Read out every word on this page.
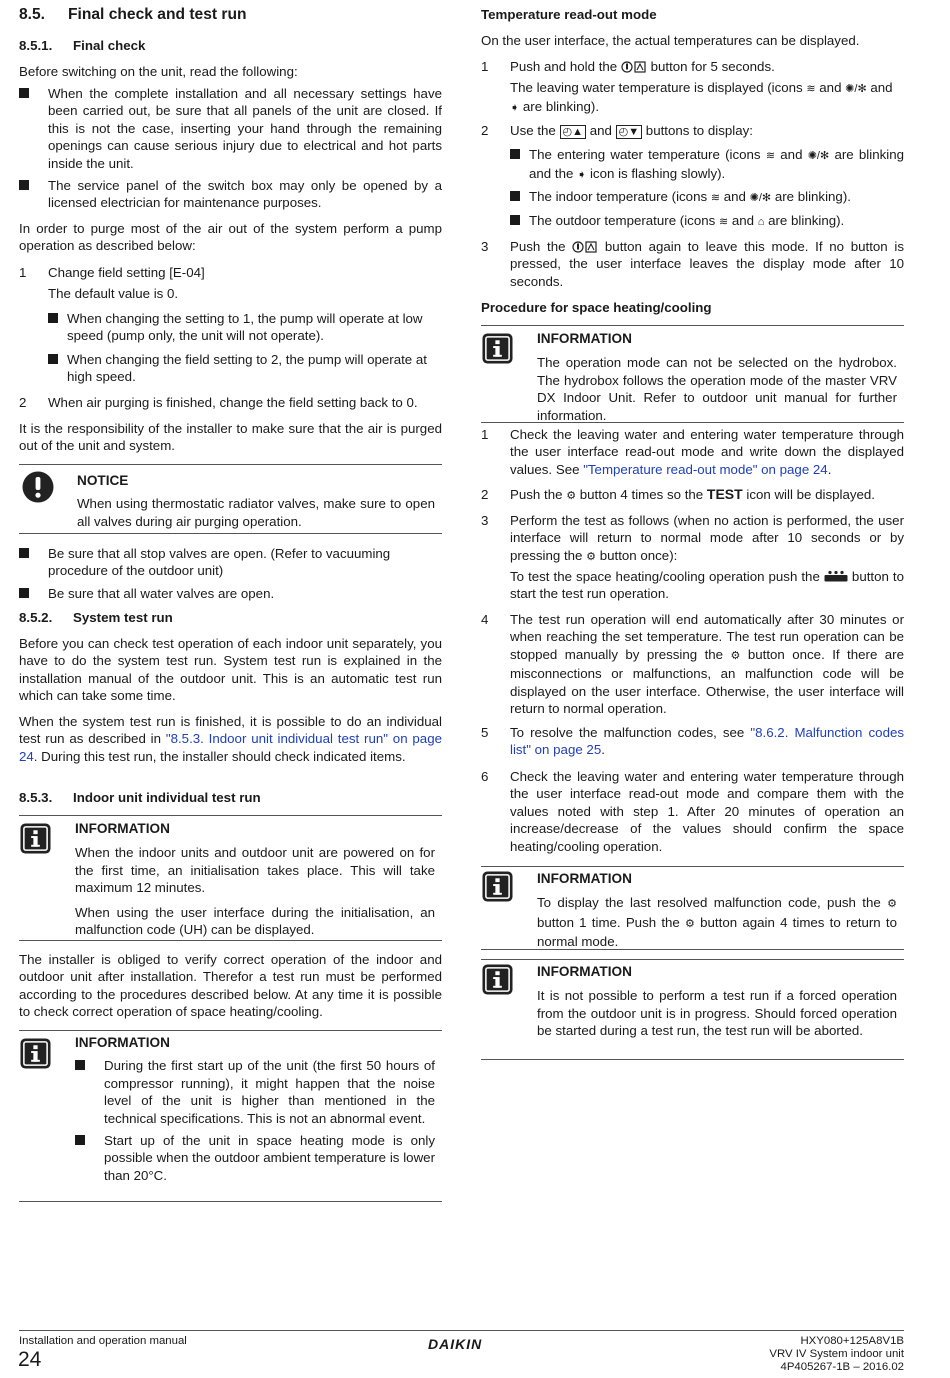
8.5.	Final check and test run
8.5.1.	Final check

Before switching on the unit, read the following:

When the complete installation and all necessary settings have been carried out, be sure that all panels of the unit are closed. If this is not the case, inserting your hand through the remaining openings can cause serious injury due to electrical and hot parts inside the unit.
The service panel of the switch box may only be opened by a licensed electrician for maintenance purposes.

In order to purge most of the air out of the system perform a pump operation as described below:

1	Change field setting [E-04]

The default value is 0.

When changing the setting to 1, the pump will operate at low speed (pump only, the unit will not operate).
When changing the field setting to 2, the pump will operate at high speed.
2	When air purging is finished, change the field setting back to 0.

It is the responsibility of the installer to make sure that the air is purged out of the unit and system.

NOTICE

When using thermostatic radiator valves, make sure to open all valves during air purging operation.

Be sure that all stop valves are open. (Refer to vacuuming procedure of the outdoor unit)
Be sure that all water valves are open.
8.5.2.	System test run

Before you can check test operation of each indoor unit separately, you have to do the system test run. System test run is explained in the installation manual of the outdoor unit. This is an automatic test run which can take some time.

When the system test run is finished, it is possible to do an individual test run as described in "8.5.3. Indoor unit individual test run" on page 24. During this test run, the installer should check indicated items.

8.5.3.	Indoor unit individual test run
INFORMATION

When the indoor units and outdoor unit are powered on for the first time, an initialisation takes place. This will take maximum 12 minutes.

When using the user interface during the initialisation, an malfunction code (UH) can be displayed.

The installer is obliged to verify correct operation of the indoor and outdoor unit after installation. Therefor a test run must be performed according to the procedures described below. At any time it is possible to check correct operation of space heating/cooling.

INFORMATION
During the first start up of the unit (the first 50 hours of compressor running), it might happen that the noise level of the unit is higher than mentioned in the technical specifications. This is not an abnormal event.
Start up of the unit in space heating mode is only possible when the outdoor ambient temperature is lower than 20°C.
Temperature read-out mode

On the user interface, the actual temperatures can be displayed.

1	Push and hold the  button for 5 seconds.

The leaving water temperature is displayed (icons ≋ and ✺/✻ and ➧ are blinking).

2	Use the ◴▲ and ◴▼ buttons to display:
The entering water temperature (icons ≋ and ✺/✻ are blinking and the ➧ icon is flashing slowly).
The indoor temperature (icons ≋ and ✺/✻ are blinking).
The outdoor temperature (icons ≋ and ⌂ are blinking).
3	Push the  button again to leave this mode. If no button is pressed, the user interface leaves the display mode after 10 seconds.
Procedure for space heating/cooling
INFORMATION

The operation mode can not be selected on the hydrobox. The hydrobox follows the operation mode of the master VRV DX Indoor Unit. Refer to outdoor unit manual for further information.

1	Check the leaving water and entering water temperature through the user interface read-out mode and write down the displayed values. See "Temperature read-out mode" on page 24.
2	Push the ⚙ button 4 times so the TEST icon will be displayed.
3	Perform the test as follows (when no action is performed, the user interface will return to normal mode after 10 seconds or by pressing the ⚙ button once):

To test the space heating/cooling operation push the  button to start the test run operation.

4	The test run operation will end automatically after 30 minutes or when reaching the set temperature. The test run operation can be stopped manually by pressing the ⚙ button once. If there are misconnections or malfunctions, an malfunction code will be displayed on the user interface. Otherwise, the user interface will return to normal operation.
5	To resolve the malfunction codes, see "8.6.2. Malfunction codes list" on page 25.
6	Check the leaving water and entering water temperature through the user interface read-out mode and compare them with the values noted with step 1. After 20 minutes of operation an increase/decrease of the values should confirm the space heating/cooling operation.
INFORMATION

To display the last resolved malfunction code, push the ⚙ button 1 time. Push the ⚙ button again 4 times to return to normal mode.

INFORMATION

It is not possible to perform a test run if a forced operation from the outdoor unit is in progress. Should forced operation be started during a test run, the test run will be aborted.

Installation and operation manual
24
DAIKIN	HXY080+125A8V1B
VRV IV System indoor unit
4P405267-1B – 2016.02
